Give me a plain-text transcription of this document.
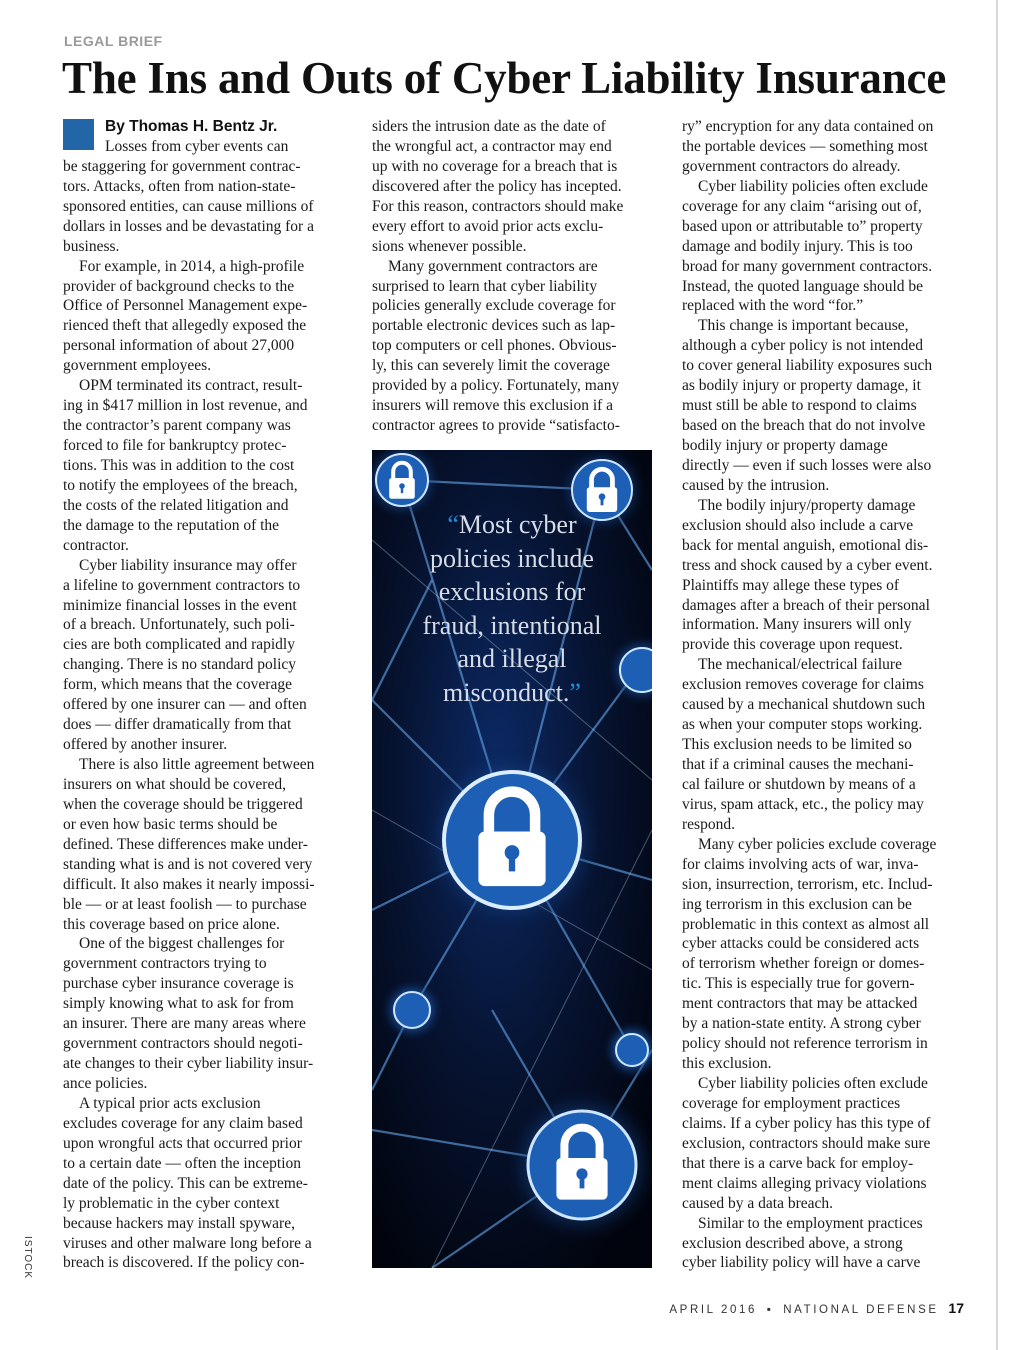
LEGAL BRIEF
The Ins and Outs of Cyber Liability Insurance
By Thomas H. Bentz Jr.
Losses from cyber events can
be staggering for government contrac-
tors. Attacks, often from nation-state-
sponsored entities, can cause millions of
dollars in losses and be devastating for a
business.
For example, in 2014, a high-profile
provider of background checks to the
Office of Personnel Management expe-
rienced theft that allegedly exposed the
personal information of about 27,000
government employees.
OPM terminated its contract, result-
ing in $417 million in lost revenue, and
the contractor’s parent company was
forced to file for bankruptcy protec-
tions. This was in addition to the cost
to notify the employees of the breach,
the costs of the related litigation and
the damage to the reputation of the
contractor.
Cyber liability insurance may offer
a lifeline to government contractors to
minimize financial losses in the event
of a breach. Unfortunately, such poli-
cies are both complicated and rapidly
changing. There is no standard policy
form, which means that the coverage
offered by one insurer can — and often
does — differ dramatically from that
offered by another insurer.
There is also little agreement between
insurers on what should be covered,
when the coverage should be triggered
or even how basic terms should be
defined. These differences make under-
standing what is and is not covered very
difficult. It also makes it nearly impossi-
ble — or at least foolish — to purchase
this coverage based on price alone.
One of the biggest challenges for
government contractors trying to
purchase cyber insurance coverage is
simply knowing what to ask for from
an insurer. There are many areas where
government contractors should negoti-
ate changes to their cyber liability insur-
ance policies.
A typical prior acts exclusion
excludes coverage for any claim based
upon wrongful acts that occurred prior
to a certain date — often the inception
date of the policy. This can be extreme-
ly problematic in the cyber context
because hackers may install spyware,
viruses and other malware long before a
breach is discovered. If the policy con-
siders the intrusion date as the date of
the wrongful act, a contractor may end
up with no coverage for a breach that is
discovered after the policy has incepted.
For this reason, contractors should make
every effort to avoid prior acts exclu-
sions whenever possible.
Many government contractors are
surprised to learn that cyber liability
policies generally exclude coverage for
portable electronic devices such as lap-
top computers or cell phones. Obvious-
ly, this can severely limit the coverage
provided by a policy. Fortunately, many
insurers will remove this exclusion if a
contractor agrees to provide “satisfacto-
ry” encryption for any data contained on
the portable devices — something most
government contractors do already.
Cyber liability policies often exclude
coverage for any claim “arising out of,
based upon or attributable to” property
damage and bodily injury. This is too
broad for many government contractors.
Instead, the quoted language should be
replaced with the word “for.”
This change is important because,
although a cyber policy is not intended
to cover general liability exposures such
as bodily injury or property damage, it
must still be able to respond to claims
based on the breach that do not involve
bodily injury or property damage
directly — even if such losses were also
caused by the intrusion.
The bodily injury/property damage
exclusion should also include a carve
back for mental anguish, emotional dis-
tress and shock caused by a cyber event.
Plaintiffs may allege these types of
damages after a breach of their personal
information. Many insurers will only
provide this coverage upon request.
The mechanical/electrical failure
exclusion removes coverage for claims
caused by a mechanical shutdown such
as when your computer stops working.
This exclusion needs to be limited so
that if a criminal causes the mechani-
cal failure or shutdown by means of a
virus, spam attack, etc., the policy may
respond.
Many cyber policies exclude coverage
for claims involving acts of war, inva-
sion, insurrection, terrorism, etc. Includ-
ing terrorism in this exclusion can be
problematic in this context as almost all
cyber attacks could be considered acts
of terrorism whether foreign or domes-
tic. This is especially true for govern-
ment contractors that may be attacked
by a nation-state entity. A strong cyber
policy should not reference terrorism in
this exclusion.
Cyber liability policies often exclude
coverage for employment practices
claims. If a cyber policy has this type of
exclusion, contractors should make sure
that there is a carve back for employ-
ment claims alleging privacy violations
caused by a data breach.
Similar to the employment practices
exclusion described above, a strong
cyber liability policy will have a carve
“Most cyber
policies include
exclusions for
fraud, intentional
and illegal
misconduct.”
ISTOCK
APRIL 2016 ▪ NATIONAL DEFENSE 17
